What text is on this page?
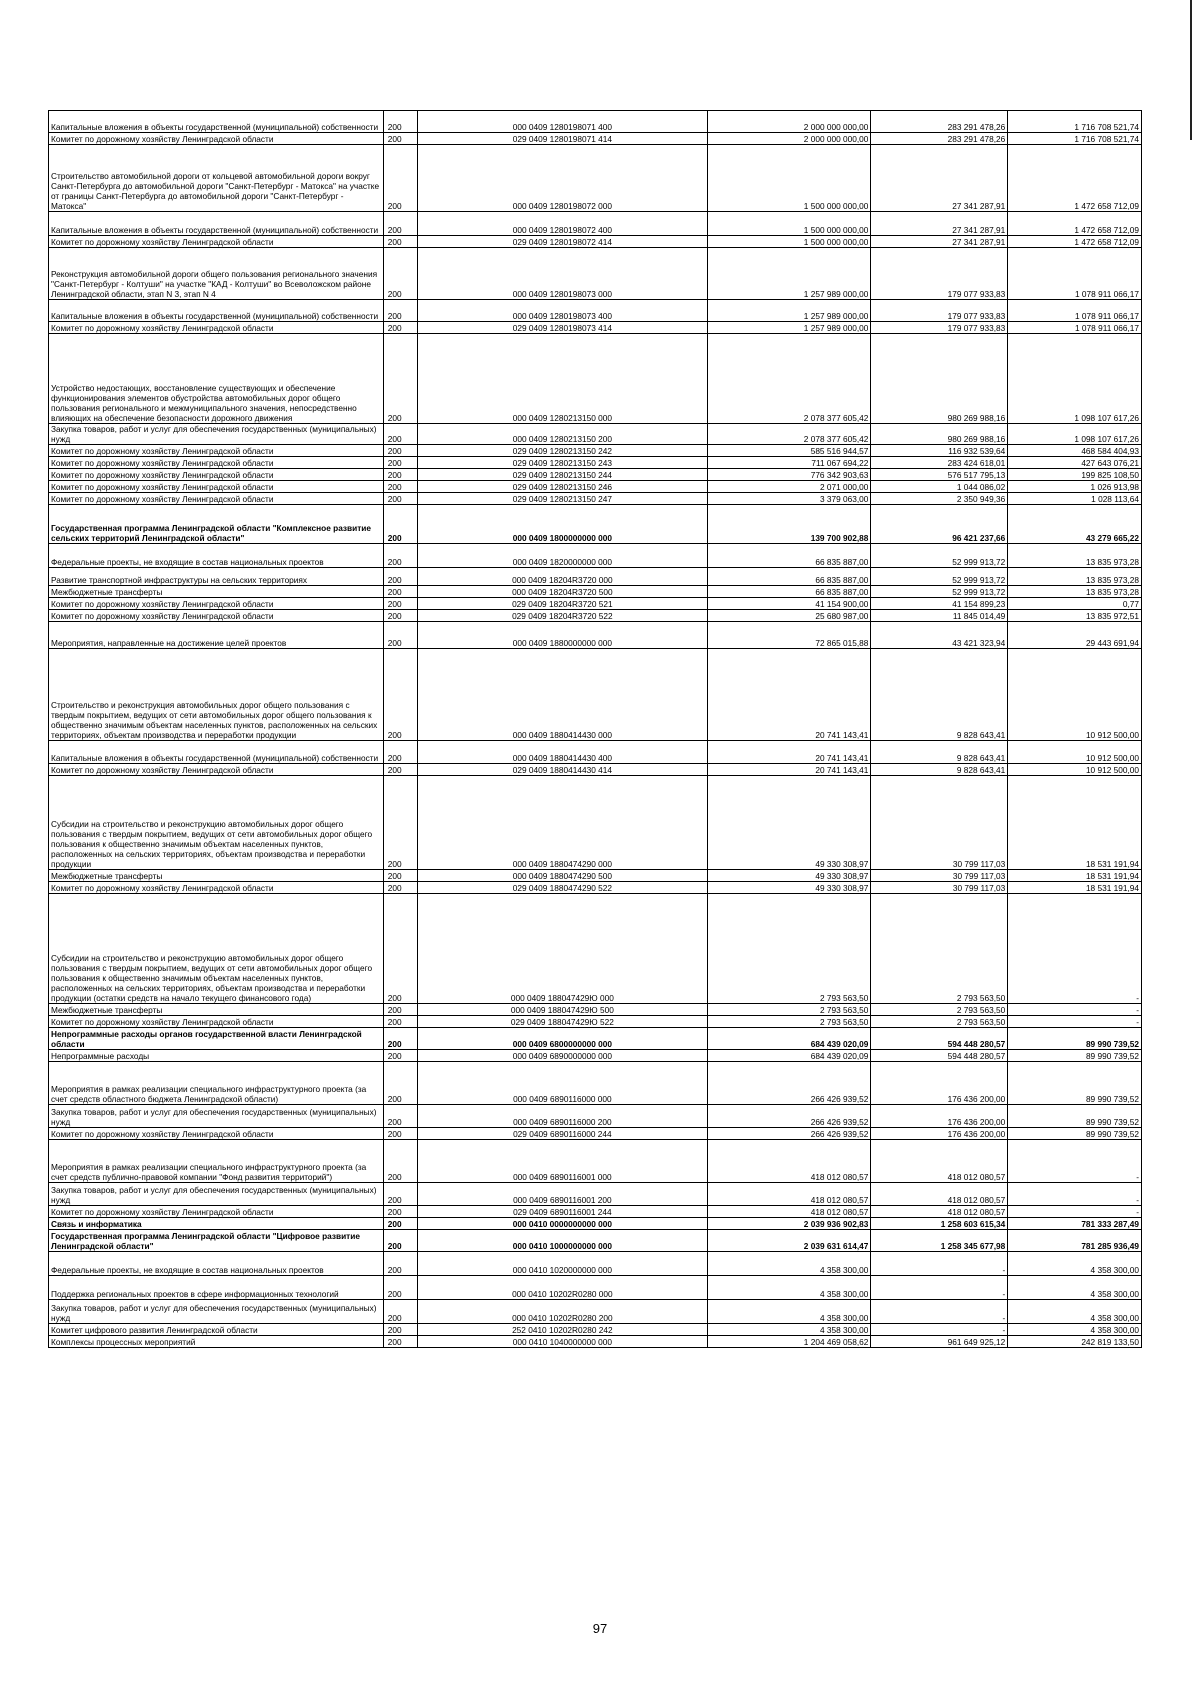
Капитальные вложения в объекты государственной (муниципальной) собственности	200	000 0409 1280198071 400	2 000 000 000,00	283 291 478,26	1 716 708 521,74
Комитет по дорожному хозяйству Ленинградской области	200	029 0409 1280198071 414	2 000 000 000,00	283 291 478,26	1 716 708 521,74
Строительство автомобильной дороги от кольцевой автомобильной дороги вокруг Санкт-Петербурга до автомобильной дороги "Санкт-Петербург - Матокса" на участке от границы Санкт-Петербурга до автомобильной дороги "Санкт-Петербург - Матокса"	200	000 0409 1280198072 000	1 500 000 000,00	27 341 287,91	1 472 658 712,09
Капитальные вложения в объекты государственной (муниципальной) собственности	200	000 0409 1280198072 400	1 500 000 000,00	27 341 287,91	1 472 658 712,09
Комитет по дорожному хозяйству Ленинградской области	200	029 0409 1280198072 414	1 500 000 000,00	27 341 287,91	1 472 658 712,09
Реконструкция автомобильной дороги общего пользования регионального значения "Санкт-Петербург - Колтуши" на участке "КАД - Колтуши" во Всеволожском районе Ленинградской области, этап N 3, этап N 4	200	000 0409 1280198073 000	1 257 989 000,00	179 077 933,83	1 078 911 066,17
Капитальные вложения в объекты государственной (муниципальной) собственности	200	000 0409 1280198073 400	1 257 989 000,00	179 077 933,83	1 078 911 066,17
Комитет по дорожному хозяйству Ленинградской области	200	029 0409 1280198073 414	1 257 989 000,00	179 077 933,83	1 078 911 066,17
Устройство недостающих, восстановление существующих и обеспечение функционирования элементов обустройства автомобильных дорог общего пользования регионального и межмуниципального значения, непосредственно влияющих на обеспечение безопасности дорожного движения	200	000 0409 1280213150 000	2 078 377 605,42	980 269 988,16	1 098 107 617,26
Закупка товаров, работ и услуг для обеспечения государственных (муниципальных) нужд	200	000 0409 1280213150 200	2 078 377 605,42	980 269 988,16	1 098 107 617,26
Комитет по дорожному хозяйству Ленинградской области	200	029 0409 1280213150 242	585 516 944,57	116 932 539,64	468 584 404,93
Комитет по дорожному хозяйству Ленинградской области	200	029 0409 1280213150 243	711 067 694,22	283 424 618,01	427 643 076,21
Комитет по дорожному хозяйству Ленинградской области	200	029 0409 1280213150 244	776 342 903,63	576 517 795,13	199 825 108,50
Комитет по дорожному хозяйству Ленинградской области	200	029 0409 1280213150 246	2 071 000,00	1 044 086,02	1 026 913,98
Комитет по дорожному хозяйству Ленинградской области	200	029 0409 1280213150 247	3 379 063,00	2 350 949,36	1 028 113,64
Государственная программа Ленинградской области "Комплексное развитие сельских территорий Ленинградской области"	200	000 0409 1800000000 000	139 700 902,88	96 421 237,66	43 279 665,22
Федеральные проекты, не входящие в состав национальных проектов	200	000 0409 1820000000 000	66 835 887,00	52 999 913,72	13 835 973,28
Развитие транспортной инфраструктуры на сельских территориях	200	000 0409 18204R3720 000	66 835 887,00	52 999 913,72	13 835 973,28
Межбюджетные трансферты	200	000 0409 18204R3720 500	66 835 887,00	52 999 913,72	13 835 973,28
Комитет по дорожному хозяйству Ленинградской области	200	029 0409 18204R3720 521	41 154 900,00	41 154 899,23	0,77
Комитет по дорожному хозяйству Ленинградской области	200	029 0409 18204R3720 522	25 680 987,00	11 845 014,49	13 835 972,51
Мероприятия, направленные на достижение целей проектов	200	000 0409 1880000000 000	72 865 015,88	43 421 323,94	29 443 691,94
Строительство и реконструкция автомобильных дорог общего пользования с твердым покрытием, ведущих от сети автомобильных дорог общего пользования к общественно значимым объектам населенных пунктов, расположенных на сельских территориях, объектам производства и переработки продукции	200	000 0409 1880414430 000	20 741 143,41	9 828 643,41	10 912 500,00
Капитальные вложения в объекты государственной (муниципальной) собственности	200	000 0409 1880414430 400	20 741 143,41	9 828 643,41	10 912 500,00
Комитет по дорожному хозяйству Ленинградской области	200	029 0409 1880414430 414	20 741 143,41	9 828 643,41	10 912 500,00
Субсидии на строительство и реконструкцию автомобильных дорог общего пользования с твердым покрытием, ведущих от сети автомобильных дорог общего пользования к общественно значимым объектам населенных пунктов, расположенных на сельских территориях, объектам производства и переработки продукции	200	000 0409 1880474290 000	49 330 308,97	30 799 117,03	18 531 191,94
Межбюджетные трансферты	200	000 0409 1880474290 500	49 330 308,97	30 799 117,03	18 531 191,94
Комитет по дорожному хозяйству Ленинградской области	200	029 0409 1880474290 522	49 330 308,97	30 799 117,03	18 531 191,94
Субсидии на строительство и реконструкцию автомобильных дорог общего пользования с твердым покрытием, ведущих от сети автомобильных дорог общего пользования к общественно значимым объектам населенных пунктов, расположенных на сельских территориях, объектам производства и переработки продукции (остатки средств на начало текущего финансового года)	200	000 0409 188047429Ю 000	2 793 563,50	2 793 563,50	-
Межбюджетные трансферты	200	000 0409 188047429Ю 500	2 793 563,50	2 793 563,50	-
Комитет по дорожному хозяйству Ленинградской области	200	029 0409 188047429Ю 522	2 793 563,50	2 793 563,50	-
Непрограммные расходы органов государственной власти Ленинградской области	200	000 0409 6800000000 000	684 439 020,09	594 448 280,57	89 990 739,52
Непрограммные расходы	200	000 0409 6890000000 000	684 439 020,09	594 448 280,57	89 990 739,52
Мероприятия в рамках реализации специального инфраструктурного проекта (за счет средств областного бюджета Ленинградской области)	200	000 0409 6890116000 000	266 426 939,52	176 436 200,00	89 990 739,52
Закупка товаров, работ и услуг для обеспечения государственных (муниципальных) нужд	200	000 0409 6890116000 200	266 426 939,52	176 436 200,00	89 990 739,52
Комитет по дорожному хозяйству Ленинградской области	200	029 0409 6890116000 244	266 426 939,52	176 436 200,00	89 990 739,52
Мероприятия в рамках реализации специального инфраструктурного проекта (за счет средств публично-правовой компании "Фонд развития территорий")	200	000 0409 6890116001 000	418 012 080,57	418 012 080,57	-
Закупка товаров, работ и услуг для обеспечения государственных (муниципальных) нужд	200	000 0409 6890116001 200	418 012 080,57	418 012 080,57	-
Комитет по дорожному хозяйству Ленинградской области	200	029 0409 6890116001 244	418 012 080,57	418 012 080,57	-
Связь и информатика	200	000 0410 0000000000 000	2 039 936 902,83	1 258 603 615,34	781 333 287,49
Государственная программа Ленинградской области "Цифровое развитие Ленинградской области"	200	000 0410 1000000000 000	2 039 631 614,47	1 258 345 677,98	781 285 936,49
Федеральные проекты, не входящие в состав национальных проектов	200	000 0410 1020000000 000	4 358 300,00	-	4 358 300,00
Поддержка региональных проектов в сфере информационных технологий	200	000 0410 10202R0280 000	4 358 300,00	-	4 358 300,00
Закупка товаров, работ и услуг для обеспечения государственных (муниципальных) нужд	200	000 0410 10202R0280 200	4 358 300,00	-	4 358 300,00
Комитет цифрового развития Ленинградской области	200	252 0410 10202R0280 242	4 358 300,00	-	4 358 300,00
Комплексы процессных мероприятий	200	000 0410 1040000000 000	1 204 469 058,62	961 649 925,12	242 819 133,50
97
